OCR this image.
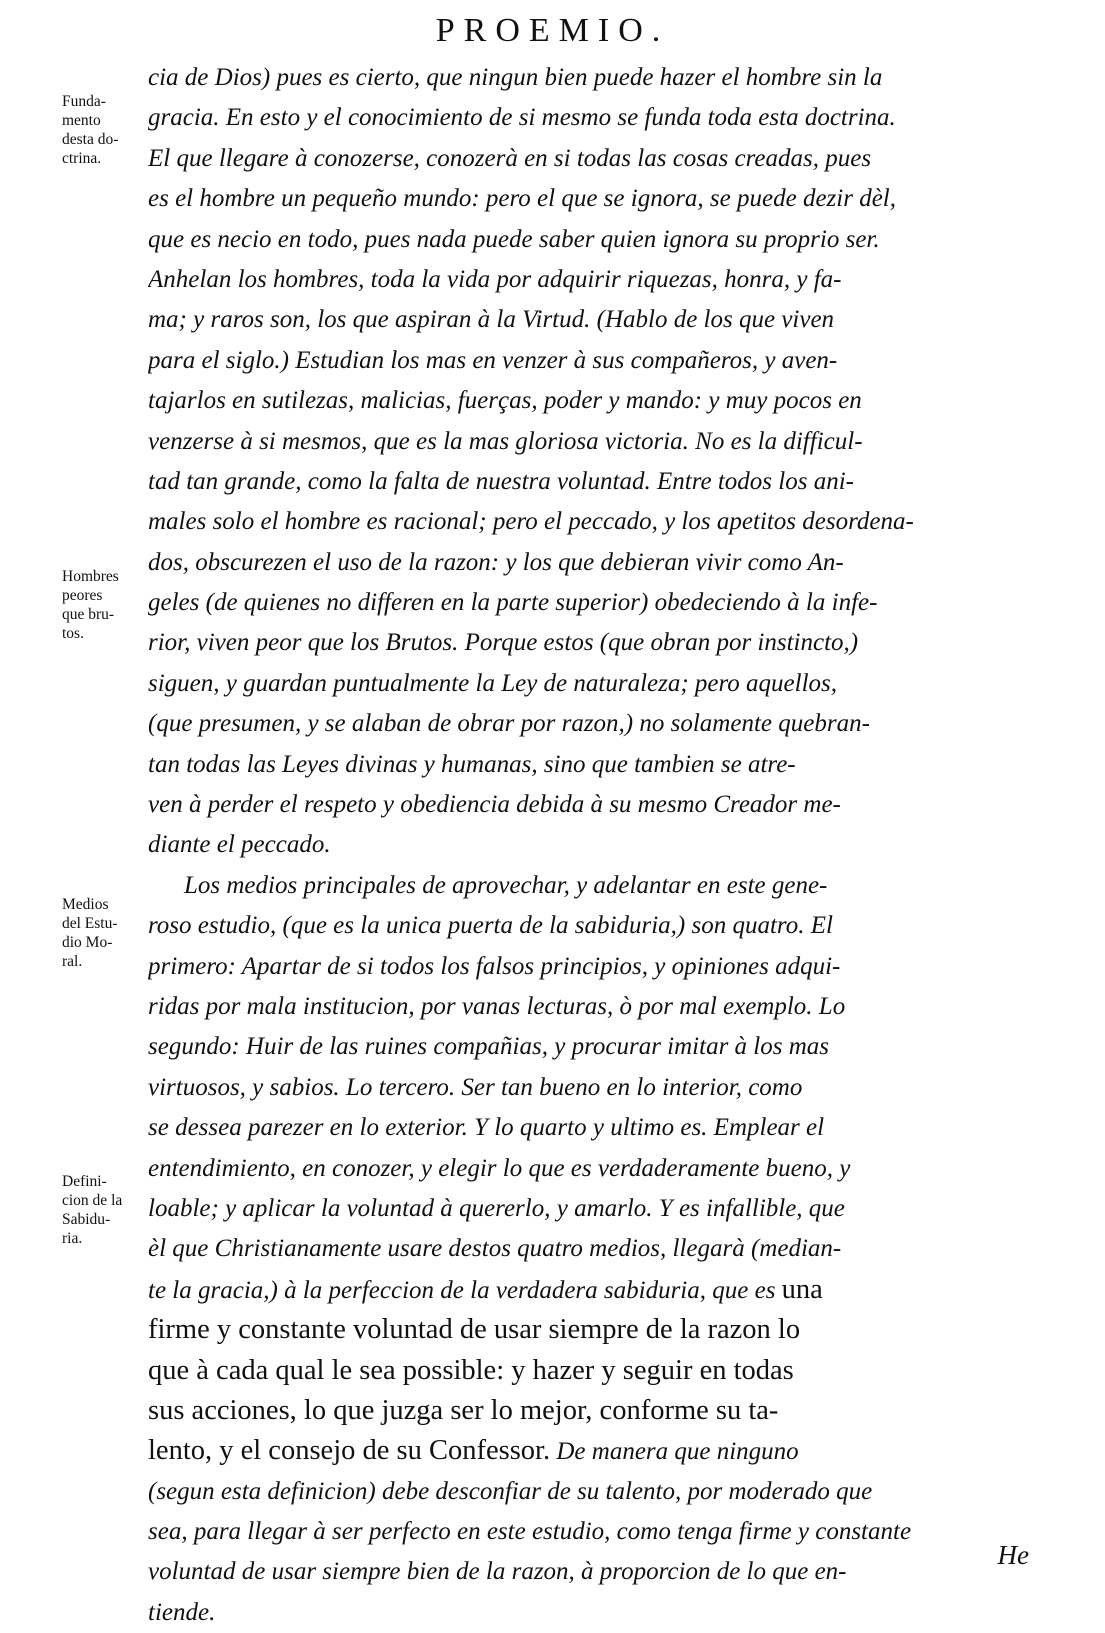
PROEMIO.
Funda-
mento
desta do-
ctrina.
Hombres
peores
que bru-
tos.
Medios
del Estu-
dio Mo-
ral.
Defini-
cion de la
Sabidu-
ria.
cia de Dios) pues es cierto, que ningun bien puede hazer el hombre sin la
gracia. En esto y el conocimiento de si mesmo se funda toda esta doctrina.
El que llegare à conozerse, conozerà en si todas las cosas creadas, pues
es el hombre un pequeño mundo: pero el que se ignora, se puede dezir dèl,
que es necio en todo, pues nada puede saber quien ignora su proprio ser.
Anhelan los hombres, toda la vida por adquirir riquezas, honra, y fa-
ma; y raros son, los que aspiran à la Virtud. (Hablo de los que viven
para el siglo.) Estudian los mas en venzer à sus compañeros, y aven-
tajarlos en sutilezas, malicias, fuerças, poder y mando: y muy pocos en
venzerse à si mesmos, que es la mas gloriosa victoria. No es la difficul-
tad tan grande, como la falta de nuestra voluntad. Entre todos los ani-
males solo el hombre es racional; pero el peccado, y los apetitos desordena-
dos, obscurezen el uso de la razon: y los que debieran vivir como An-
geles (de quienes no differen en la parte superior) obedeciendo à la infe-
rior, viven peor que los Brutos. Porque estos (que obran por instincto,)
siguen, y guardan puntualmente la Ley de naturaleza; pero aquellos,
(que presumen, y se alaban de obrar por razon,) no solamente quebran-
tan todas las Leyes divinas y humanas, sino que tambien se atre-
ven à perder el respeto y obediencia debida à su mesmo Creador me-
diante el peccado.
Los medios principales de aprovechar, y adelantar en este gene-
roso estudio, (que es la unica puerta de la sabiduria,) son quatro. El
primero: Apartar de si todos los falsos principios, y opiniones adqui-
ridas por mala institucion, por vanas lecturas, ò por mal exemplo. Lo
segundo: Huir de las ruines compañias, y procurar imitar à los mas
virtuosos, y sabios. Lo tercero. Ser tan bueno en lo interior, como
se dessea parezer en lo exterior. Y lo quarto y ultimo es. Emplear el
entendimiento, en conozer, y elegir lo que es verdaderamente bueno, y
loable; y aplicar la voluntad à quererlo, y amarlo. Y es infallible, que
èl que Christianamente usare destos quatro medios, llegarà (median-
te la gracia,) à la perfeccion de la verdadera sabiduria, que es una
firme y constante voluntad de usar siempre de la razon lo
que à cada qual le sea possible: y hazer y seguir en todas
sus acciones, lo que juzga ser lo mejor, conforme su ta-
lento, y el consejo de su Confessor. De manera que ninguno
(segun esta definicion) debe desconfiar de su talento, por moderado que
sea, para llegar à ser perfecto en este estudio, como tenga firme y constante
voluntad de usar siempre bien de la razon, à proporcion de lo que en-
tiende.
He
